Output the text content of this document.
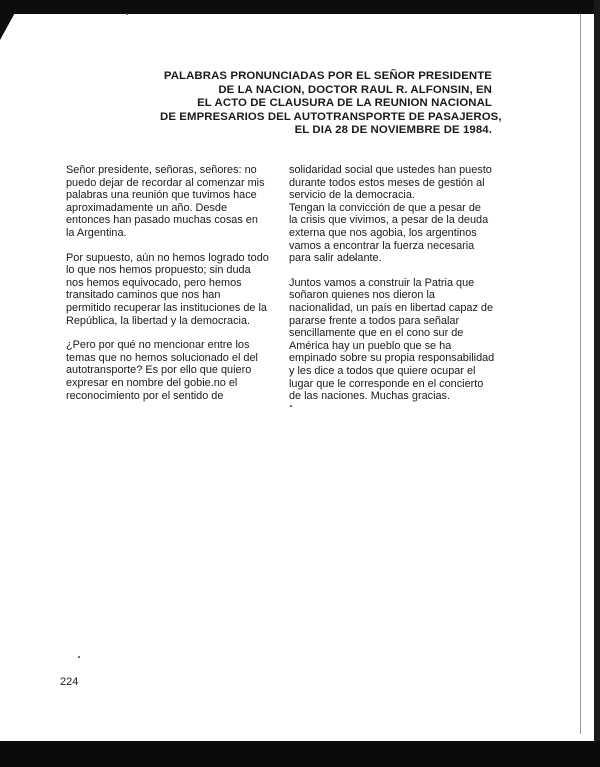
PALABRAS PRONUNCIADAS POR EL SEÑOR PRESIDENTE
DE LA NACION, DOCTOR RAUL R. ALFONSIN, EN
EL ACTO DE CLAUSURA DE LA REUNION NACIONAL
DE EMPRESARIOS DEL AUTOTRANSPORTE DE PASAJEROS,
EL DIA 28 DE NOVIEMBRE DE 1984.

Señor presidente, señoras, señores: no
puedo dejar de recordar al comenzar mis
palabras una reunión que tuvimos hace
aproximadamente un año. Desde
entonces han pasado muchas cosas en
la Argentina.

Por supuesto, aún no hemos logrado todo
lo que nos hemos propuesto; sin duda
nos hemos equivocado, pero hemos
transitado caminos que nos han
permitido recuperar las instituciones de la
República, la libertad y la democracia.

¿Pero por qué no mencionar entre los
temas que no hemos solucionado el del
autotransporte? Es por ello que quiero
expresar en nombre del gobie.no el
reconocimiento por el sentido de

solidaridad social que ustedes han puesto
durante todos estos meses de gestión al
servicio de la democracia.

Tengan la convicción de que a pesar de
la crisis que vivimos, a pesar de la deuda
externa que nos agobia, los argentinos
vamos a encontrar la fuerza necesaria
para salir adelante.

Juntos vamos a construir la Patria que
soñaron quienes nos dieron la
nacionalidad, un país en libertad capaz de
pararse frente a todos para señalar
sencillamente que en el cono sur de
América hay un pueblo que se ha
empinado sobre su propia responsabilidad
y les dice a todos que quiere ocupar el
lugar que le corresponde en el concierto
de las naciones. Muchas gracias.

224
